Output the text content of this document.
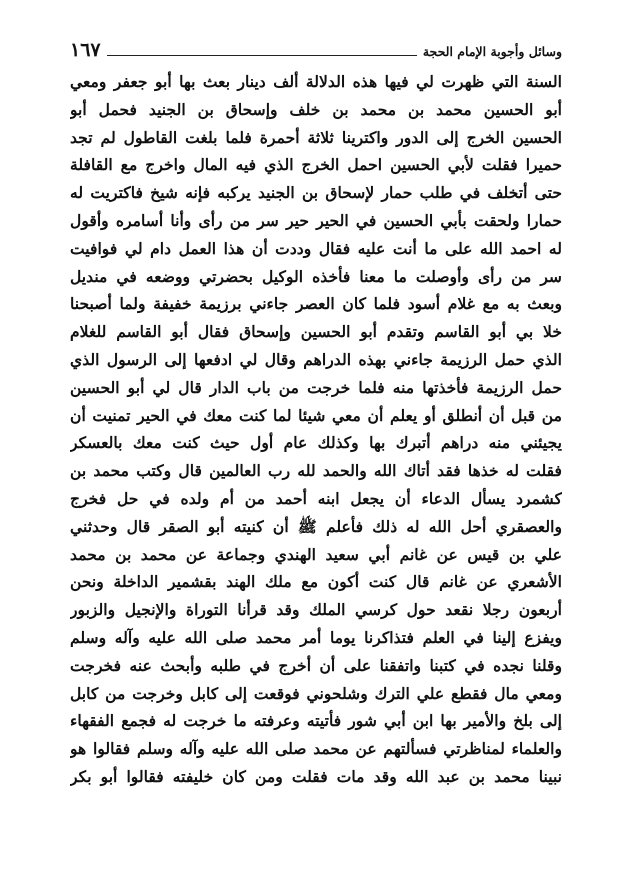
١٦٧	وسائل وأجوبة الإمام الحجة
السنة التي ظهرت لي فيها هذه الدلالة ألف دينار بعث بها أبو جعفر ومعي
أبو الحسين محمد بن محمد بن خلف وإسحاق بن الجنيد فحمل أبو
الحسين الخرج إلى الدور واكترينا ثلاثة أحمرة فلما بلغت القاطول لم تجد
حميرا فقلت لأبي الحسين احمل الخرج الذي فيه المال واخرج مع القافلة
حتى أتخلف في طلب حمار لإسحاق بن الجنيد يركبه فإنه شيخ فاكتريت له
حمارا ولحقت بأبي الحسين في الحير حير سر من رأى وأنا أسامره وأقول
له احمد الله على ما أنت عليه فقال وددت أن هذا العمل دام لي فوافيت
سر من رأى وأوصلت ما معنا فأخذه الوكيل بحضرتي ووضعه في منديل
وبعث به مع غلام أسود فلما كان العصر جاءني برزيمة خفيفة ولما أصبحنا
خلا بي أبو القاسم وتقدم أبو الحسين وإسحاق فقال أبو القاسم للغلام
الذي حمل الرزيمة جاءني بهذه الدراهم وقال لي ادفعها إلى الرسول الذي
حمل الرزيمة فأخذتها منه فلما خرجت من باب الدار قال لي أبو الحسين
من قبل أن أنطلق أو يعلم أن معي شيئا لما كنت معك في الحير تمنيت أن
يجيئني منه دراهم أتبرك بها وكذلك عام أول حيث كنت معك بالعسكر
فقلت له خذها فقد أتاك الله والحمد لله رب العالمين قال وكتب محمد بن
كشمرد يسأل الدعاء أن يجعل ابنه أحمد من أم ولده في حل فخرج
والعصقري أحل الله له ذلك فأعلم ﷺ أن كنيته أبو الصقر قال وحدثني
علي بن قيس عن غانم أبي سعيد الهندي وجماعة عن محمد بن محمد
الأشعري عن غانم قال كنت أكون مع ملك الهند بقشمير الداخلة ونحن
أربعون رجلا نقعد حول كرسي الملك وقد قرأنا التوراة والإنجيل والزبور
ويفزع إلينا في العلم فتذاكرنا يوما أمر محمد صلى الله عليه وآله وسلم
وقلنا نجده في كتبنا واتفقنا على أن أخرج في طلبه وأبحث عنه فخرجت
ومعي مال فقطع علي الترك وشلحوني فوقعت إلى كابل وخرجت من كابل
إلى بلخ والأمير بها ابن أبي شور فأتيته وعرفته ما خرجت له فجمع الفقهاء
والعلماء لمناظرتي فسألتهم عن محمد صلى الله عليه وآله وسلم فقالوا هو
نبينا محمد بن عبد الله وقد مات فقلت ومن كان خليفته فقالوا أبو بكر
